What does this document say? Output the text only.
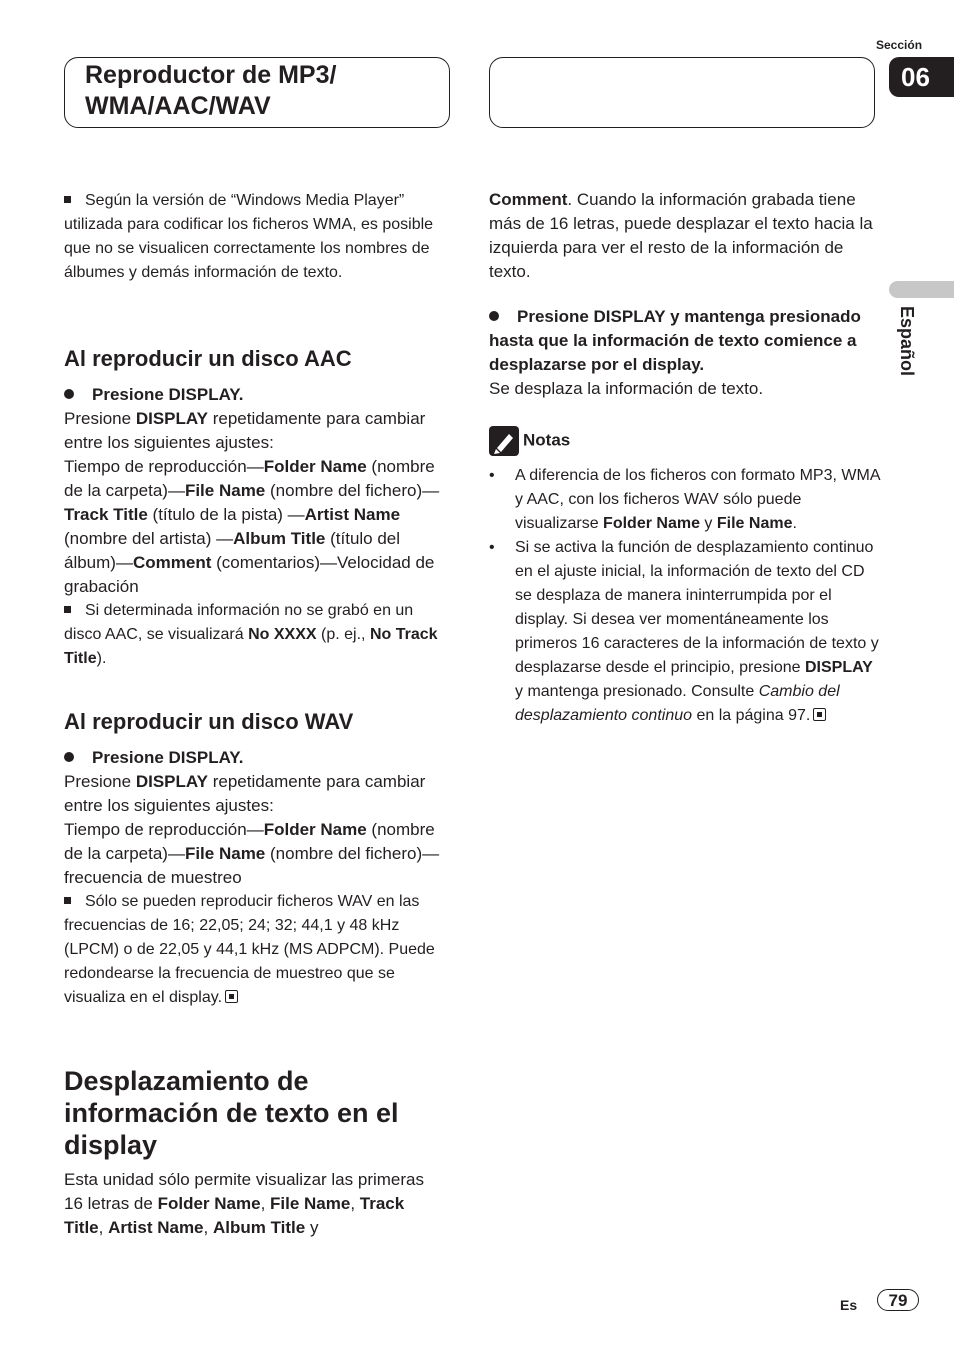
Reproductor de MP3/
WMA/AAC/WAV
Sección
06
Español
Según la versión de “Windows Media Player” utilizada para codificar los ficheros WMA, es posible que no se visualicen correctamente los nombres de álbumes y demás información de texto.
Al reproducir un disco AAC
Presione DISPLAY.
Presione DISPLAY repetidamente para cambiar entre los siguientes ajustes:
Tiempo de reproducción—Folder Name (nombre de la carpeta)—File Name (nombre del fichero)—Track Title (título de la pista) —Artist Name (nombre del artista) —Album Title (título del álbum)—Comment (comentarios)—Velocidad de grabación
Si determinada información no se grabó en un disco AAC, se visualizará No XXXX (p. ej., No Track Title).
Al reproducir un disco WAV
Presione DISPLAY.
Presione DISPLAY repetidamente para cambiar entre los siguientes ajustes:
Tiempo de reproducción—Folder Name (nombre de la carpeta)—File Name (nombre del fichero)—frecuencia de muestreo
Sólo se pueden reproducir ficheros WAV en las frecuencias de 16; 22,05; 24; 32; 44,1 y 48 kHz (LPCM) o de 22,05 y 44,1 kHz (MS ADPCM). Puede redondearse la frecuencia de muestreo que se visualiza en el display.
Desplazamiento de información de texto en el display
Esta unidad sólo permite visualizar las primeras 16 letras de Folder Name, File Name, Track Title, Artist Name, Album Title y
Comment. Cuando la información grabada tiene más de 16 letras, puede desplazar el texto hacia la izquierda para ver el resto de la información de texto.
Presione DISPLAY y mantenga presionado hasta que la información de texto comience a desplazarse por el display.
Se desplaza la información de texto.
Notas
• A diferencia de los ficheros con formato MP3, WMA y AAC, con los ficheros WAV sólo puede visualizarse Folder Name y File Name.
• Si se activa la función de desplazamiento continuo en el ajuste inicial, la información de texto del CD se desplaza de manera ininterrumpida por el display. Si desea ver momentáneamente los primeros 16 caracteres de la información de texto y desplazarse desde el principio, presione DISPLAY y mantenga presionado. Consulte Cambio del desplazamiento continuo en la página 97.
Es	79
